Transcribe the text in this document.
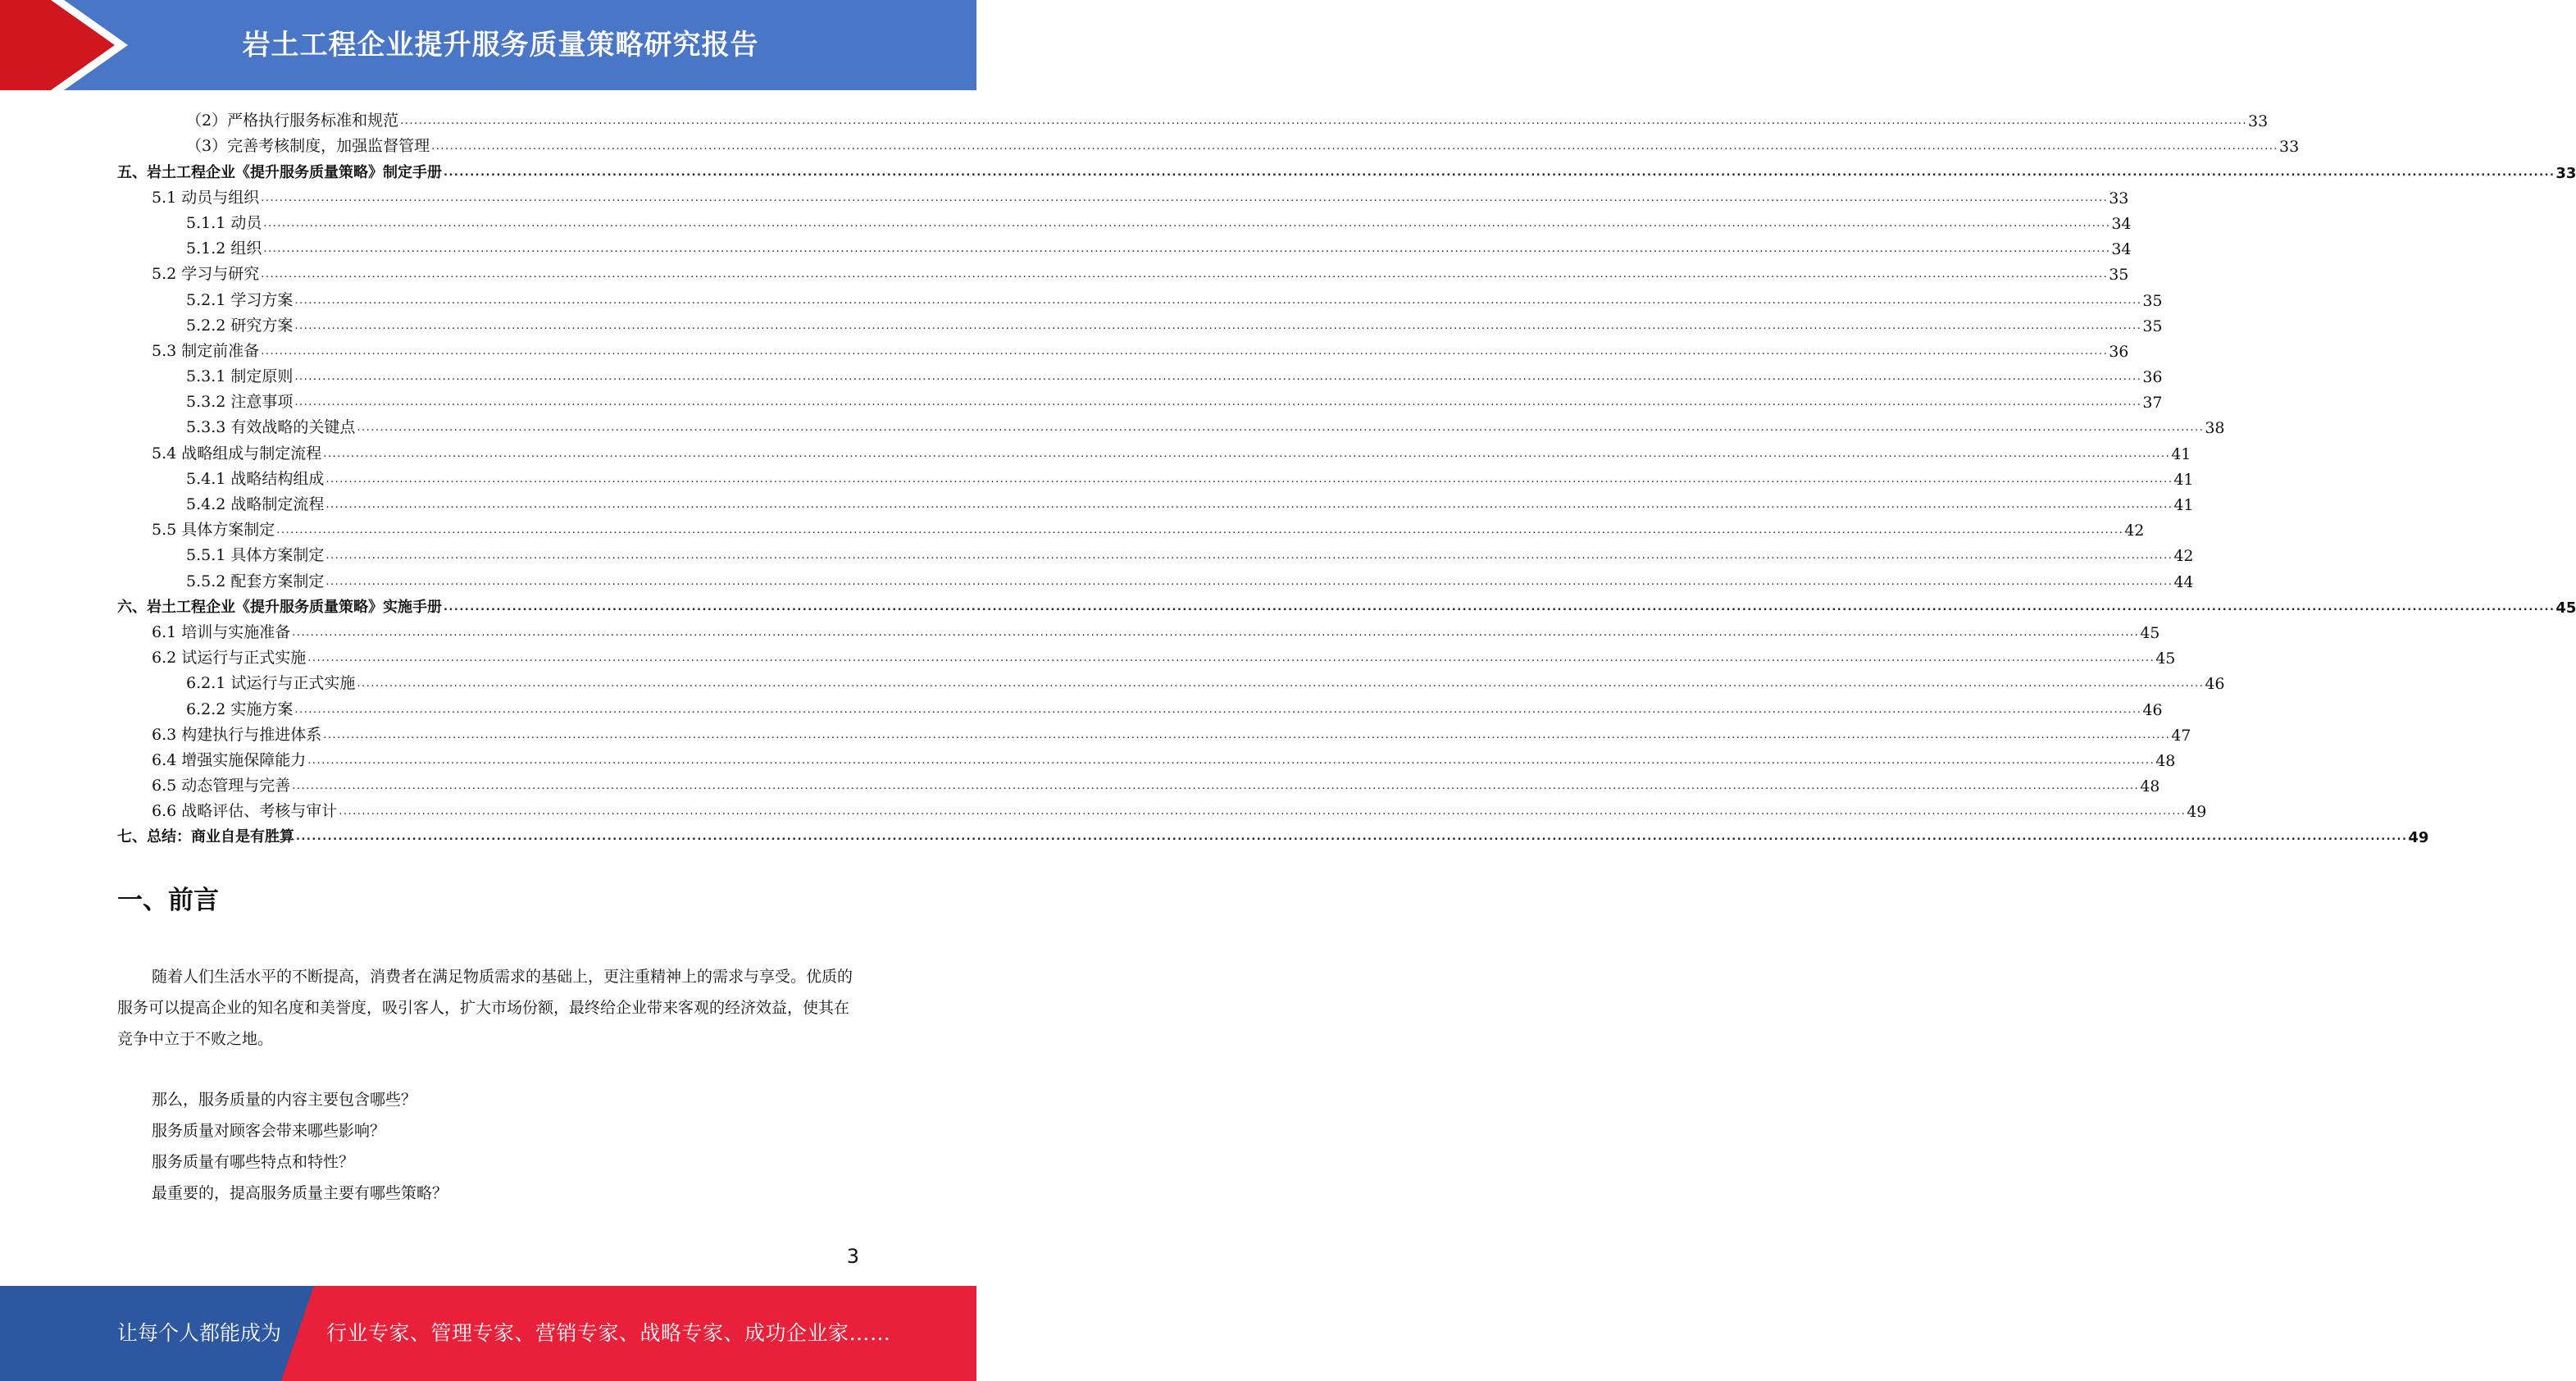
岩土工程企业提升服务质量策略研究报告
（2）严格执行服务标准和规范 ................................................................................................................................................................................................................................................................................................................................................................................................................ 33
（3）完善考核制度，加强监督管理 ................................................................................................................................................................................................................................................................................................................................................................................................................ 33
五、岩土工程企业《提升服务质量策略》制定手册 ................................................................................................................................................................................................................................................................................................................................................................................................................ 33
5.1 动员与组织 ................................................................................................................................................................................................................................................................................................................................................................................................................ 33
5.1.1 动员 ................................................................................................................................................................................................................................................................................................................................................................................................................ 34
5.1.2 组织 ................................................................................................................................................................................................................................................................................................................................................................................................................ 34
5.2 学习与研究 ................................................................................................................................................................................................................................................................................................................................................................................................................ 35
5.2.1 学习方案 ................................................................................................................................................................................................................................................................................................................................................................................................................ 35
5.2.2 研究方案 ................................................................................................................................................................................................................................................................................................................................................................................................................ 35
5.3 制定前准备 ................................................................................................................................................................................................................................................................................................................................................................................................................ 36
5.3.1 制定原则 ................................................................................................................................................................................................................................................................................................................................................................................................................ 36
5.3.2 注意事项 ................................................................................................................................................................................................................................................................................................................................................................................................................ 37
5.3.3 有效战略的关键点 ................................................................................................................................................................................................................................................................................................................................................................................................................ 38
5.4 战略组成与制定流程 ................................................................................................................................................................................................................................................................................................................................................................................................................ 41
5.4.1 战略结构组成 ................................................................................................................................................................................................................................................................................................................................................................................................................ 41
5.4.2 战略制定流程 ................................................................................................................................................................................................................................................................................................................................................................................................................ 41
5.5 具体方案制定 ................................................................................................................................................................................................................................................................................................................................................................................................................ 42
5.5.1 具体方案制定 ................................................................................................................................................................................................................................................................................................................................................................................................................ 42
5.5.2 配套方案制定 ................................................................................................................................................................................................................................................................................................................................................................................................................ 44
六、岩土工程企业《提升服务质量策略》实施手册 ................................................................................................................................................................................................................................................................................................................................................................................................................ 45
6.1 培训与实施准备 ................................................................................................................................................................................................................................................................................................................................................................................................................ 45
6.2 试运行与正式实施 ................................................................................................................................................................................................................................................................................................................................................................................................................ 45
6.2.1 试运行与正式实施 ................................................................................................................................................................................................................................................................................................................................................................................................................ 46
6.2.2 实施方案 ................................................................................................................................................................................................................................................................................................................................................................................................................ 46
6.3 构建执行与推进体系 ................................................................................................................................................................................................................................................................................................................................................................................................................ 47
6.4 增强实施保障能力 ................................................................................................................................................................................................................................................................................................................................................................................................................ 48
6.5 动态管理与完善 ................................................................................................................................................................................................................................................................................................................................................................................................................ 48
6.6 战略评估、考核与审计 ................................................................................................................................................................................................................................................................................................................................................................................................................ 49
七、总结：商业自是有胜算 ................................................................................................................................................................................................................................................................................................................................................................................................................ 49
一、前言

随着人们生活水平的不断提高，消费者在满足物质需求的基础上，更注重精神上的需求与享受。优质的服务可以提高企业的知名度和美誉度，吸引客人，扩大市场份额，最终给企业带来客观的经济效益，使其在竞争中立于不败之地。

那么，服务质量的内容主要包含哪些？
服务质量对顾客会带来哪些影响？
服务质量有哪些特点和特性？
最重要的，提高服务质量主要有哪些策略？
3
让每个人都能成为 行业专家、管理专家、营销专家、战略专家、成功企业家……
